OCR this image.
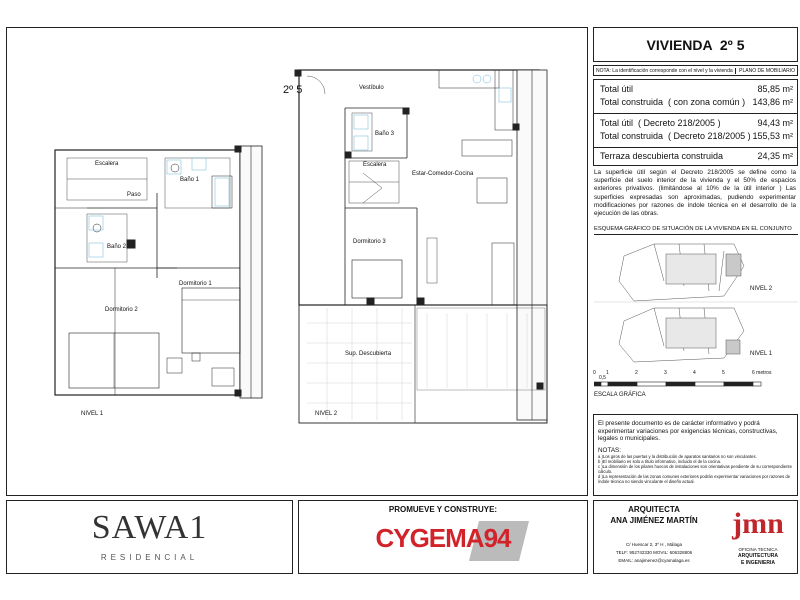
2º 5
NIVEL 1	NIVEL 2
Escalera
Baño 1
Paso
Baño 2
Dormitorio 1
Dormitorio 2
Vestíbulo
Baño 3
Escalera
Estar-Comedor-Cocina
Dormitorio 3
Sup. Descubierta
VIVIENDA  2º 5
NOTA: La identificación corresponde con el nivel y la vivienda	PLANO DE MOBILIARIO
Total útil	85,85 m²
Total construida  ( con zona común ) 143,86 m²
Total útil  ( Decreto 218/2005 )	94,43 m²
Total construida  ( Decreto 218/2005 ) 155,53 m²
Terraza descubierta construida	24,35 m²
La superficie útil según el Decreto 218/2005 se define como la superficie del suelo interior de la vivienda y el 50% de espacios exteriores privativos. (limitándose al 10% de la útil interior ) Las superficies expresadas son aproximadas, pudiendo experimentar modificaciones por razones de índole técnica en el desarrollo de la ejecución de las obras.
ESQUEMA GRÁFICO DE SITUACIÓN DE LA VIVIENDA EN EL CONJUNTO
NIVEL 2
NIVEL 1
0
0,5
1	2	3	4	5	6 metros
ESCALA GRÁFICA
El presente documento es de carácter informativo y podrá experimentar variaciones por exigencias técnicas, constructivas, legales o municipales.
NOTAS:
a )Los giros de las puertas y la distribución de aparatos sanitarios no son vinculantes.
b )El mobiliario es solo a título informativo, incluido el de la cocina.
c )La dimensión de los pilares huecos de instalaciones son orientativas pendiente de su correspondiente cálculo.
d )La representación de las zonas comunes exteriores podrán experimentar variaciones por razones de índole técnica no siendo vinculante el diseño actual.
SAWA1
RESIDENCIAL
PROMUEVE Y CONSTRUYE:
CYGEMA94
ARQUITECTA
ANA JIMÉNEZ MARTÍN
C/ Huescar 2, 3º H , Málaga
TELF: 952742330 MOVIL: 606328806
EMAIL: anajimenez@cyamalaga.es
jmn
OFICINA TECNICA
ARQUITECTURA
E INGENIERIA
